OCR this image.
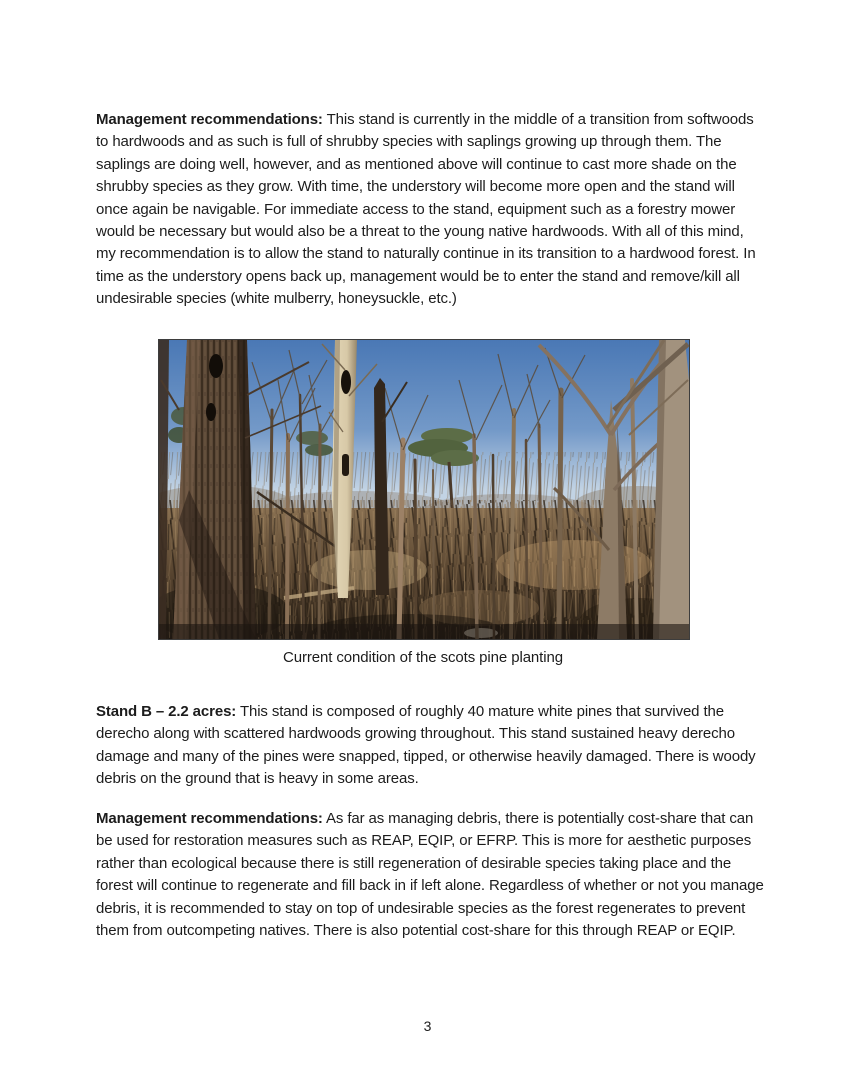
Management recommendations: This stand is currently in the middle of a transition from softwoods to hardwoods and as such is full of shrubby species with saplings growing up through them. The saplings are doing well, however, and as mentioned above will continue to cast more shade on the shrubby species as they grow. With time, the understory will become more open and the stand will once again be navigable. For immediate access to the stand, equipment such as a forestry mower would be necessary but would also be a threat to the young native hardwoods. With all of this mind, my recommendation is to allow the stand to naturally continue in its transition to a hardwood forest. In time as the understory opens back up, management would be to enter the stand and remove/kill all undesirable species (white mulberry, honeysuckle, etc.)

Current condition of the scots pine planting

Stand B – 2.2 acres: This stand is composed of roughly 40 mature white pines that survived the derecho along with scattered hardwoods growing throughout. This stand sustained heavy derecho damage and many of the pines were snapped, tipped, or otherwise heavily damaged. There is woody debris on the ground that is heavy in some areas.

Management recommendations: As far as managing debris, there is potentially cost-share that can be used for restoration measures such as REAP, EQIP, or EFRP. This is more for aesthetic purposes rather than ecological because there is still regeneration of desirable species taking place and the forest will continue to regenerate and fill back in if left alone. Regardless of whether or not you manage debris, it is recommended to stay on top of undesirable species as the forest regenerates to prevent them from outcompeting natives. There is also potential cost-share for this through REAP or EQIP.

3
